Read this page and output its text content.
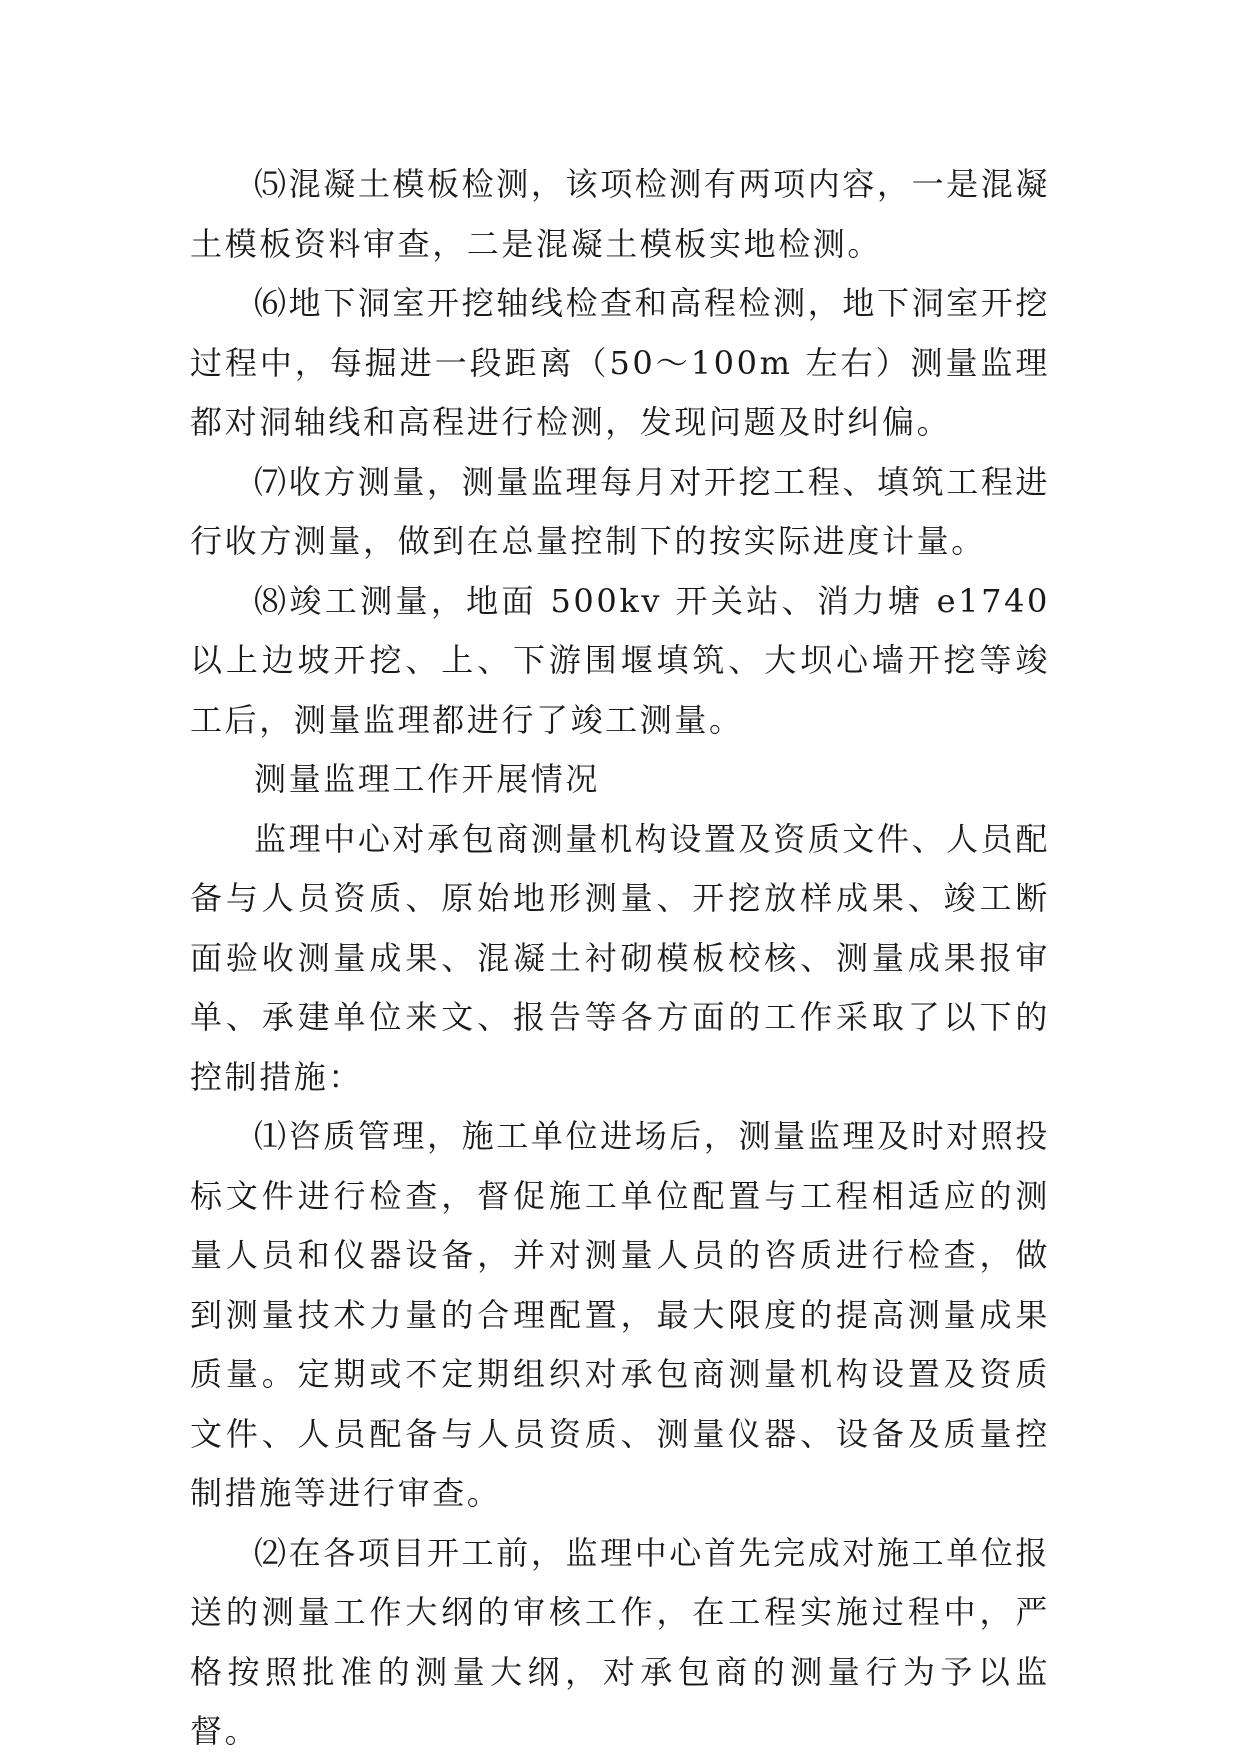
⑸混凝土模板检测，该项检测有两项内容，一是混凝土模板资料审查，二是混凝土模板实地检测。

⑹地下洞室开挖轴线检查和高程检测，地下洞室开挖过程中，每掘进一段距离（50～100m 左右）测量监理都对洞轴线和高程进行检测，发现问题及时纠偏。

⑺收方测量，测量监理每月对开挖工程、填筑工程进行收方测量，做到在总量控制下的按实际进度计量。

⑻竣工测量，地面 500kv 开关站、消力塘 e1740 以上边坡开挖、上、下游围堰填筑、大坝心墙开挖等竣工后，测量监理都进行了竣工测量。

测量监理工作开展情况

监理中心对承包商测量机构设置及资质文件、人员配备与人员资质、原始地形测量、开挖放样成果、竣工断面验收测量成果、混凝土衬砌模板校核、测量成果报审单、承建单位来文、报告等各方面的工作采取了以下的控制措施：

⑴咨质管理，施工单位进场后，测量监理及时对照投标文件进行检查，督促施工单位配置与工程相适应的测量人员和仪器设备，并对测量人员的咨质进行检查，做到测量技术力量的合理配置，最大限度的提高测量成果质量。定期或不定期组织对承包商测量机构设置及资质文件、人员配备与人员资质、测量仪器、设备及质量控制措施等进行审查。

⑵在各项目开工前，监理中心首先完成对施工单位报送的测量工作大纲的审核工作，在工程实施过程中，严格按照批准的测量大纲，对承包商的测量行为予以监督。
